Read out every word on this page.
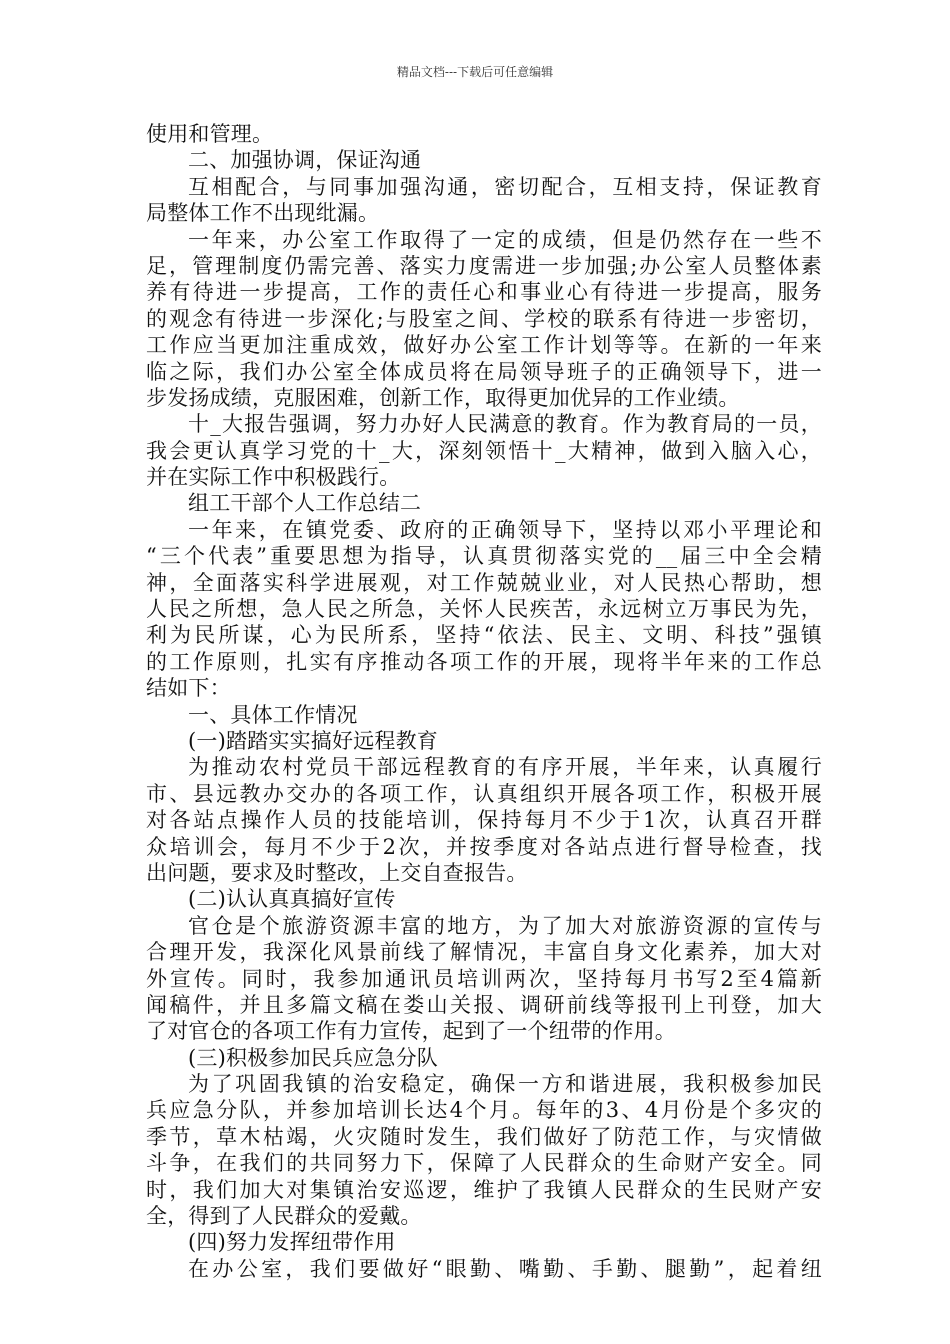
精品文档---下载后可任意编辑
使用和管理。
二、加强协调，保证沟通
互相配合，与同事加强沟通，密切配合，互相支持，保证教育
局整体工作不出现纰漏。
一年来，办公室工作取得了一定的成绩，但是仍然存在一些不
足，管理制度仍需完善、落实力度需进一步加强;办公室人员整体素
养有待进一步提高，工作的责任心和事业心有待进一步提高，服务
的观念有待进一步深化;与股室之间、学校的联系有待进一步密切，
工作应当更加注重成效，做好办公室工作计划等等。在新的一年来
临之际，我们办公室全体成员将在局领导班子的正确领导下，进一
步发扬成绩，克服困难，创新工作，取得更加优异的工作业绩。
十_大报告强调，努力办好人民满意的教育。作为教育局的一员，
我会更认真学习党的十_大，深刻领悟十_大精神，做到入脑入心，
并在实际工作中积极践行。
组工干部个人工作总结二
一年来，在镇党委、政府的正确领导下，坚持以邓小平理论和
“三个代表”重要思想为指导，认真贯彻落实党的__届三中全会精
神，全面落实科学进展观，对工作兢兢业业，对人民热心帮助，想
人民之所想，急人民之所急，关怀人民疾苦，永远树立万事民为先，
利为民所谋，心为民所系，坚持“依法、民主、文明、科技”强镇
的工作原则，扎实有序推动各项工作的开展，现将半年来的工作总
结如下：
一、具体工作情况
(一)踏踏实实搞好远程教育
为推动农村党员干部远程教育的有序开展，半年来，认真履行
市、县远教办交办的各项工作，认真组织开展各项工作，积极开展
对各站点操作人员的技能培训，保持每月不少于1次，认真召开群
众培训会，每月不少于2次，并按季度对各站点进行督导检查，找
出问题，要求及时整改，上交自查报告。
(二)认认真真搞好宣传
官仓是个旅游资源丰富的地方，为了加大对旅游资源的宣传与
合理开发，我深化风景前线了解情况，丰富自身文化素养，加大对
外宣传。同时，我参加通讯员培训两次，坚持每月书写2至4篇新
闻稿件，并且多篇文稿在娄山关报、调研前线等报刊上刊登，加大
了对官仓的各项工作有力宣传，起到了一个纽带的作用。
(三)积极参加民兵应急分队
为了巩固我镇的治安稳定，确保一方和谐进展，我积极参加民
兵应急分队，并参加培训长达4个月。每年的3、4月份是个多灾的
季节，草木枯竭，火灾随时发生，我们做好了防范工作，与灾情做
斗争，在我们的共同努力下，保障了人民群众的生命财产安全。同
时，我们加大对集镇治安巡逻，维护了我镇人民群众的生民财产安
全，得到了人民群众的爱戴。
(四)努力发挥纽带作用
在办公室，我们要做好“眼勤、嘴勤、手勤、腿勤”，起着纽
